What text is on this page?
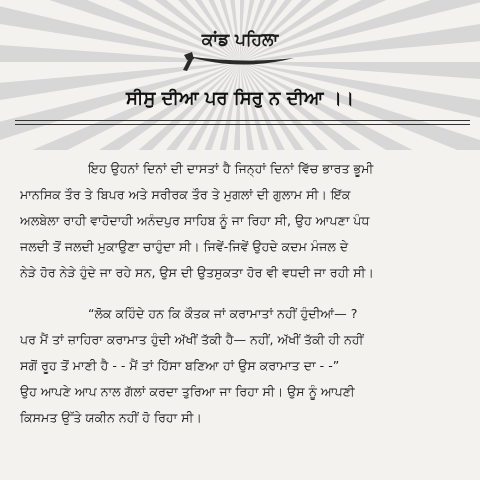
ਕਾਂਡ ਪਹਿਲਾ
ਸੀਸੁ ਦੀਆ ਪਰ ਸਿਰੁ ਨ ਦੀਆ ।।
ਇਹ ਉਹਨਾਂ ਦਿਨਾਂ ਦੀ ਦਾਸਤਾਂ ਹੈ ਜਿਨ੍ਹਾਂ ਦਿਨਾਂ ਵਿੱਚ ਭਾਰਤ ਭੂਮੀ
ਮਾਨਸਿਕ ਤੌਰ ਤੇ ਬਿਪਰ ਅਤੇ ਸਰੀਰਕ ਤੌਰ ਤੇ ਮੁਗਲਾਂ ਦੀ ਗੁਲਾਮ ਸੀ। ਇੱਕ
ਅਲਬੇਲਾ ਰਾਹੀ ਵਾਹੋਦਾਹੀ ਅਨੰਦਪੁਰ ਸਾਹਿਬ ਨੂੰ ਜਾ ਰਿਹਾ ਸੀ, ਉਹ ਆਪਣਾ ਪੰਧ
ਜਲਦੀ ਤੋਂ ਜਲਦੀ ਮੁਕਾਉਣਾ ਚਾਹੁੰਦਾ ਸੀ। ਜਿਵੇਂ-ਜਿਵੇਂ ਉਹਦੇ ਕਦਮ ਮੰਜਲ ਦੇ
ਨੇੜੇ ਹੋਰ ਨੇੜੇ ਹੁੰਦੇ ਜਾ ਰਹੇ ਸਨ, ਉਸ ਦੀ ਉਤਸੁਕਤਾ ਹੋਰ ਵੀ ਵਧਦੀ ਜਾ ਰਹੀ ਸੀ।
“ਲੋਕ ਕਹਿੰਦੇ ਹਨ ਕਿ ਕੌਤਕ ਜਾਂ ਕਰਾਮਾਤਾਂ ਨਹੀਂ ਹੁੰਦੀਆਂ— ?
ਪਰ ਮੈਂ ਤਾਂ ਜ਼ਾਹਿਰਾ ਕਰਾਮਾਤ ਹੁੰਦੀ ਅੱਖੀਂ ਤੱਕੀ ਹੈ— ਨਹੀਂ, ਅੱਖੀਂ ਤੱਕੀ ਹੀ ਨਹੀਂ
ਸਗੋਂ ਰੂਹ ਤੋਂ ਮਾਣੀ ਹੈ - - ਮੈਂ ਤਾਂ ਹਿੱਸਾ ਬਣਿਆ ਹਾਂ ਉਸ ਕਰਾਮਾਤ ਦਾ - -”
ਉਹ ਆਪਣੇ ਆਪ ਨਾਲ ਗੱਲਾਂ ਕਰਦਾ ਤੁਰਿਆ ਜਾ ਰਿਹਾ ਸੀ। ਉਸ ਨੂੰ ਆਪਣੀ
ਕਿਸਮਤ ਉੱਤੇ ਯਕੀਨ ਨਹੀਂ ਹੋ ਰਿਹਾ ਸੀ।
